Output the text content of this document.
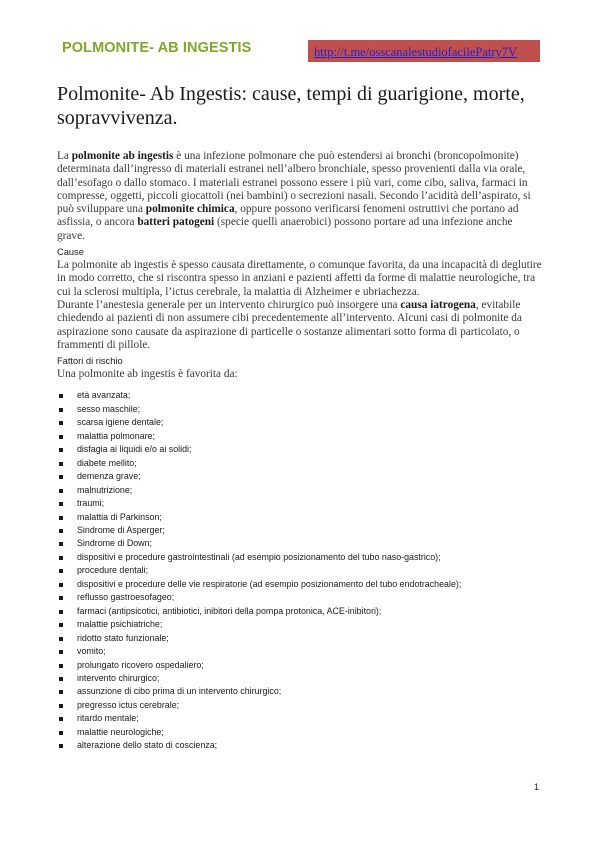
POLMONITE- AB INGESTIS	http://t.me/osscanalestudiofacilePatry7V
Polmonite- Ab Ingestis: cause, tempi di guarigione, morte, sopravvivenza.

La polmonite ab ingestis è una infezione polmonare che può estendersi ai bronchi (broncopolmonite) determinata dall’ingresso di materiali estranei nell’albero bronchiale, spesso provenienti dalla via orale, dall’esofago o dallo stomaco. I materiali estranei possono essere i più vari, come cibo, saliva, farmaci in compresse, oggetti, piccoli giocattoli (nei bambini) o secrezioni nasali. Secondo l’acidità dell’aspirato, si può sviluppare una polmonite chimica, oppure possono verificarsi fenomeni ostruttivi che portano ad asfissia, o ancora batteri patogeni (specie quelli anaerobici) possono portare ad una infezione anche grave.

Cause

La polmonite ab ingestis è spesso causata direttamente, o comunque favorita, da una incapacità di deglutire in modo corretto, che si riscontra spesso in anziani e pazienti affetti da forme di malattie neurologiche, tra cui la sclerosi multipla, l’ictus cerebrale, la malattia di Alzheimer e ubriachezza.

Durante l’anestesia generale per un intervento chirurgico può insorgere una causa iatrogena, evitabile chiedendo ai pazienti di non assumere cibi precedentemente all’intervento. Alcuni casi di polmonite da aspirazione sono causate da aspirazione di particelle o sostanze alimentari sotto forma di particolato, o frammenti di pillole.

Fattori di rischio

Una polmonite ab ingestis è favorita da:

età avanzata;
sesso maschile;
scarsa igiene dentale;
malattia polmonare;
disfagia ai liquidi e/o ai solidi;
diabete mellito;
demenza grave;
malnutrizione;
traumi;
malattia di Parkinson;
Sindrome di Asperger;
Sindrome di Down;
dispositivi e procedure gastrointestinali (ad esempio posizionamento del tubo naso-gastrico);
procedure dentali;
dispositivi e procedure delle vie respiratorie (ad esempio posizionamento del tubo endotracheale);
reflusso gastroesofageo;
farmaci (antipsicotici, antibiotici, inibitori della pompa protonica, ACE-inibitori);
malattie psichiatriche;
ridotto stato funzionale;
vomito;
prolungato ricovero ospedaliero;
intervento chirurgico;
assunzione di cibo prima di un intervento chirurgico;
pregresso ictus cerebrale;
ritardo mentale;
malattie neurologiche;
alterazione dello stato di coscienza;
1
